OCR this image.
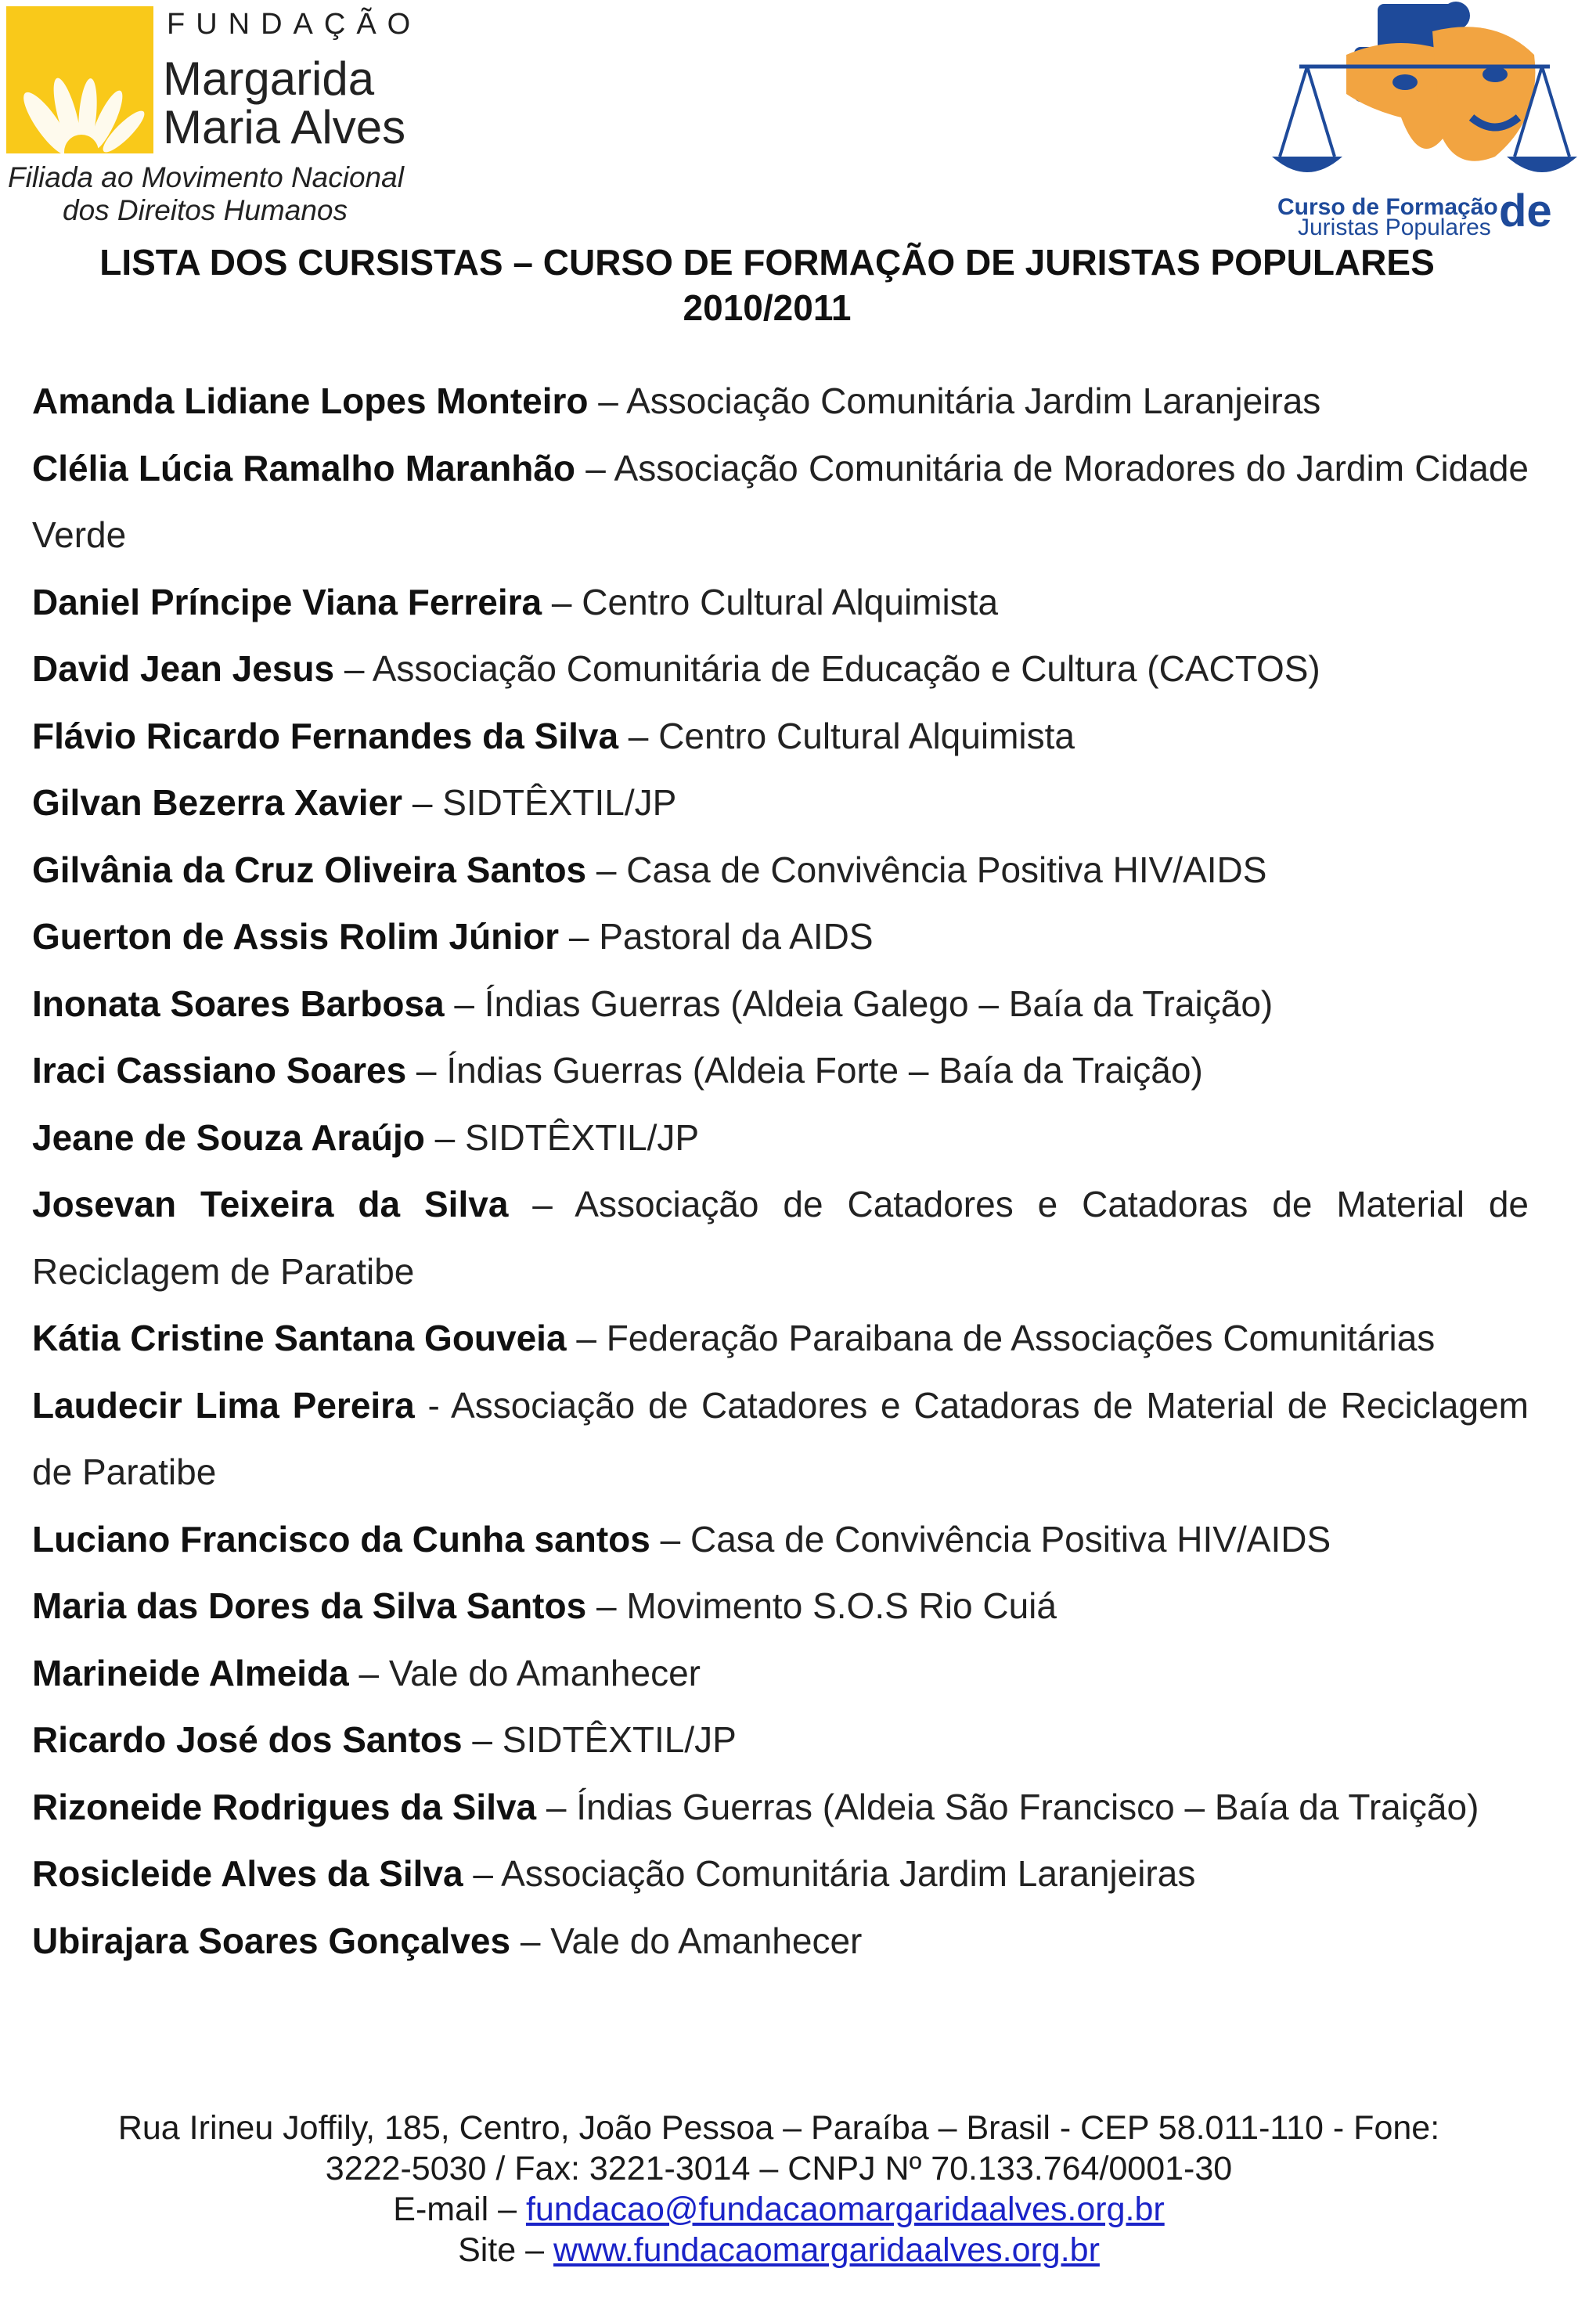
FUNDAÇÃO
Margarida
Maria Alves
Filiada ao Movimento Nacional
dos Direitos Humanos	Curso de Formação
Juristas Populares de
LISTA DOS CURSISTAS – CURSO DE FORMAÇÃO DE JURISTAS POPULARES
2010/2011
Amanda Lidiane Lopes Monteiro – Associação Comunitária Jardim Laranjeiras
Clélia Lúcia Ramalho Maranhão – Associação Comunitária de Moradores do Jardim Cidade Verde
Daniel Príncipe Viana Ferreira – Centro Cultural Alquimista
David Jean Jesus – Associação Comunitária de Educação e Cultura (CACTOS)
Flávio Ricardo Fernandes da Silva – Centro Cultural Alquimista
Gilvan Bezerra Xavier – SIDTÊXTIL/JP
Gilvânia da Cruz Oliveira Santos – Casa de Convivência Positiva HIV/AIDS
Guerton de Assis Rolim Júnior – Pastoral da AIDS
Inonata Soares Barbosa – Índias Guerras (Aldeia Galego – Baía da Traição)
Iraci Cassiano Soares – Índias Guerras (Aldeia Forte – Baía da Traição)
Jeane de Souza Araújo – SIDTÊXTIL/JP
Josevan Teixeira da Silva – Associação de Catadores e Catadoras de Material de Reciclagem de Paratibe
Kátia Cristine Santana Gouveia – Federação Paraibana de Associações Comunitárias
Laudecir Lima Pereira - Associação de Catadores e Catadoras de Material de Reciclagem de Paratibe
Luciano Francisco da Cunha santos – Casa de Convivência Positiva HIV/AIDS
Maria das Dores da Silva Santos – Movimento S.O.S Rio Cuiá
Marineide Almeida – Vale do Amanhecer
Ricardo José dos Santos – SIDTÊXTIL/JP
Rizoneide Rodrigues da Silva – Índias Guerras (Aldeia São Francisco – Baía da Traição)
Rosicleide Alves da Silva – Associação Comunitária Jardim Laranjeiras
Ubirajara Soares Gonçalves – Vale do Amanhecer
Rua Irineu Joffily, 185, Centro, João Pessoa – Paraíba – Brasil - CEP 58.011-110 - Fone:
3222-5030 / Fax: 3221-3014 – CNPJ Nº 70.133.764/0001-30
E-mail – fundacao@fundacaomargaridaalves.org.br
Site – www.fundacaomargaridaalves.org.br
